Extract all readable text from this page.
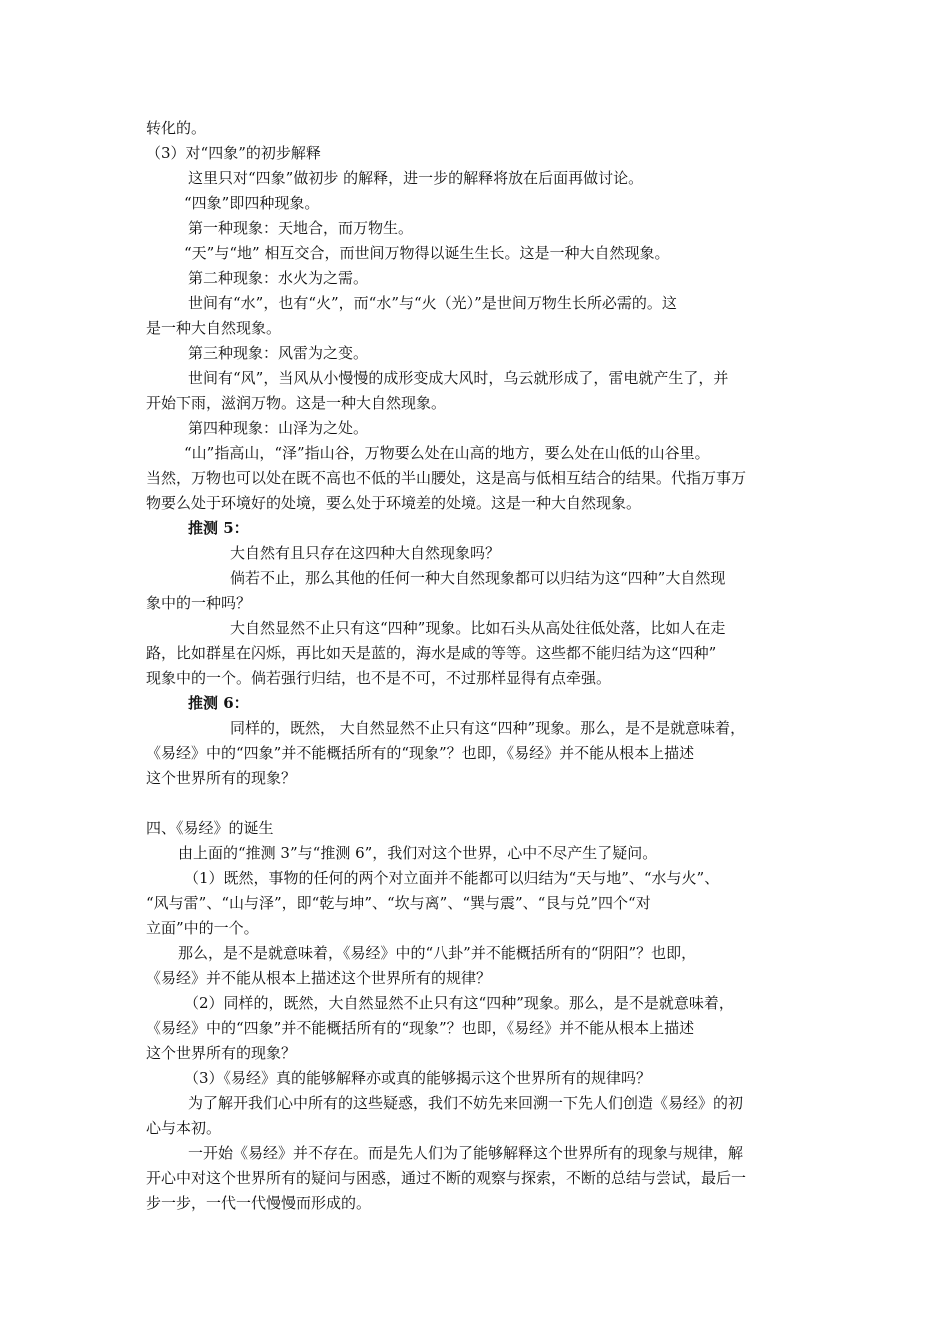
转化的。
（3）对“四象”的初步解释
这里只对“四象”做初步 的解释，进一步的解释将放在后面再做讨论。
“四象”即四种现象。
第一种现象：天地合，而万物生。
“天”与“地” 相互交合，而世间万物得以诞生生长。这是一种大自然现象。
第二种现象：水火为之需。
世间有“水”，也有“火”，而“水”与“火（光）”是世间万物生长所必需的。这
是一种大自然现象。
第三种现象：风雷为之变。
世间有“风”，当风从小慢慢的成形变成大风时，乌云就形成了，雷电就产生了，并
开始下雨，滋润万物。这是一种大自然现象。
第四种现象：山泽为之处。
“山”指高山，“泽”指山谷，万物要么处在山高的地方，要么处在山低的山谷里。
当然，万物也可以处在既不高也不低的半山腰处，这是高与低相互结合的结果。代指万事万
物要么处于环境好的处境，要么处于环境差的处境。这是一种大自然现象。
推测 5：
大自然有且只存在这四种大自然现象吗？
倘若不止，那么其他的任何一种大自然现象都可以归结为这“四种”大自然现
象中的一种吗？
大自然显然不止只有这“四种”现象。比如石头从高处往低处落，比如人在走
路，比如群星在闪烁，再比如天是蓝的，海水是咸的等等。这些都不能归结为这“四种”
现象中的一个。倘若强行归结，也不是不可，不过那样显得有点牵强。
推测 6：
同样的，既然， 大自然显然不止只有这“四种”现象。那么，是不是就意味着，
《易经》中的“四象”并不能概括所有的“现象”？也即，《易经》并不能从根本上描述
这个世界所有的现象？
四、《易经》的诞生
由上面的“推测 3”与“推测 6”，我们对这个世界，心中不尽产生了疑问。
（1）既然，事物的任何的两个对立面并不能都可以归结为“天与地”、“水与火”、
“风与雷”、“山与泽”，即“乾与坤”、“坎与离”、“巽与震”、“艮与兑”四个“对
立面”中的一个。
那么，是不是就意味着，《易经》中的“八卦”并不能概括所有的“阴阳”？也即，
《易经》并不能从根本上描述这个世界所有的规律？
（2）同样的，既然，大自然显然不止只有这“四种”现象。那么，是不是就意味着，
《易经》中的“四象”并不能概括所有的“现象”？也即，《易经》并不能从根本上描述
这个世界所有的现象？
（3）《易经》真的能够解释亦或真的能够揭示这个世界所有的规律吗？
为了解开我们心中所有的这些疑惑，我们不妨先来回溯一下先人们创造《易经》的初
心与本初。
一开始《易经》并不存在。而是先人们为了能够解释这个世界所有的现象与规律，解
开心中对这个世界所有的疑问与困惑，通过不断的观察与探索，不断的总结与尝试，最后一
步一步，一代一代慢慢而形成的。
